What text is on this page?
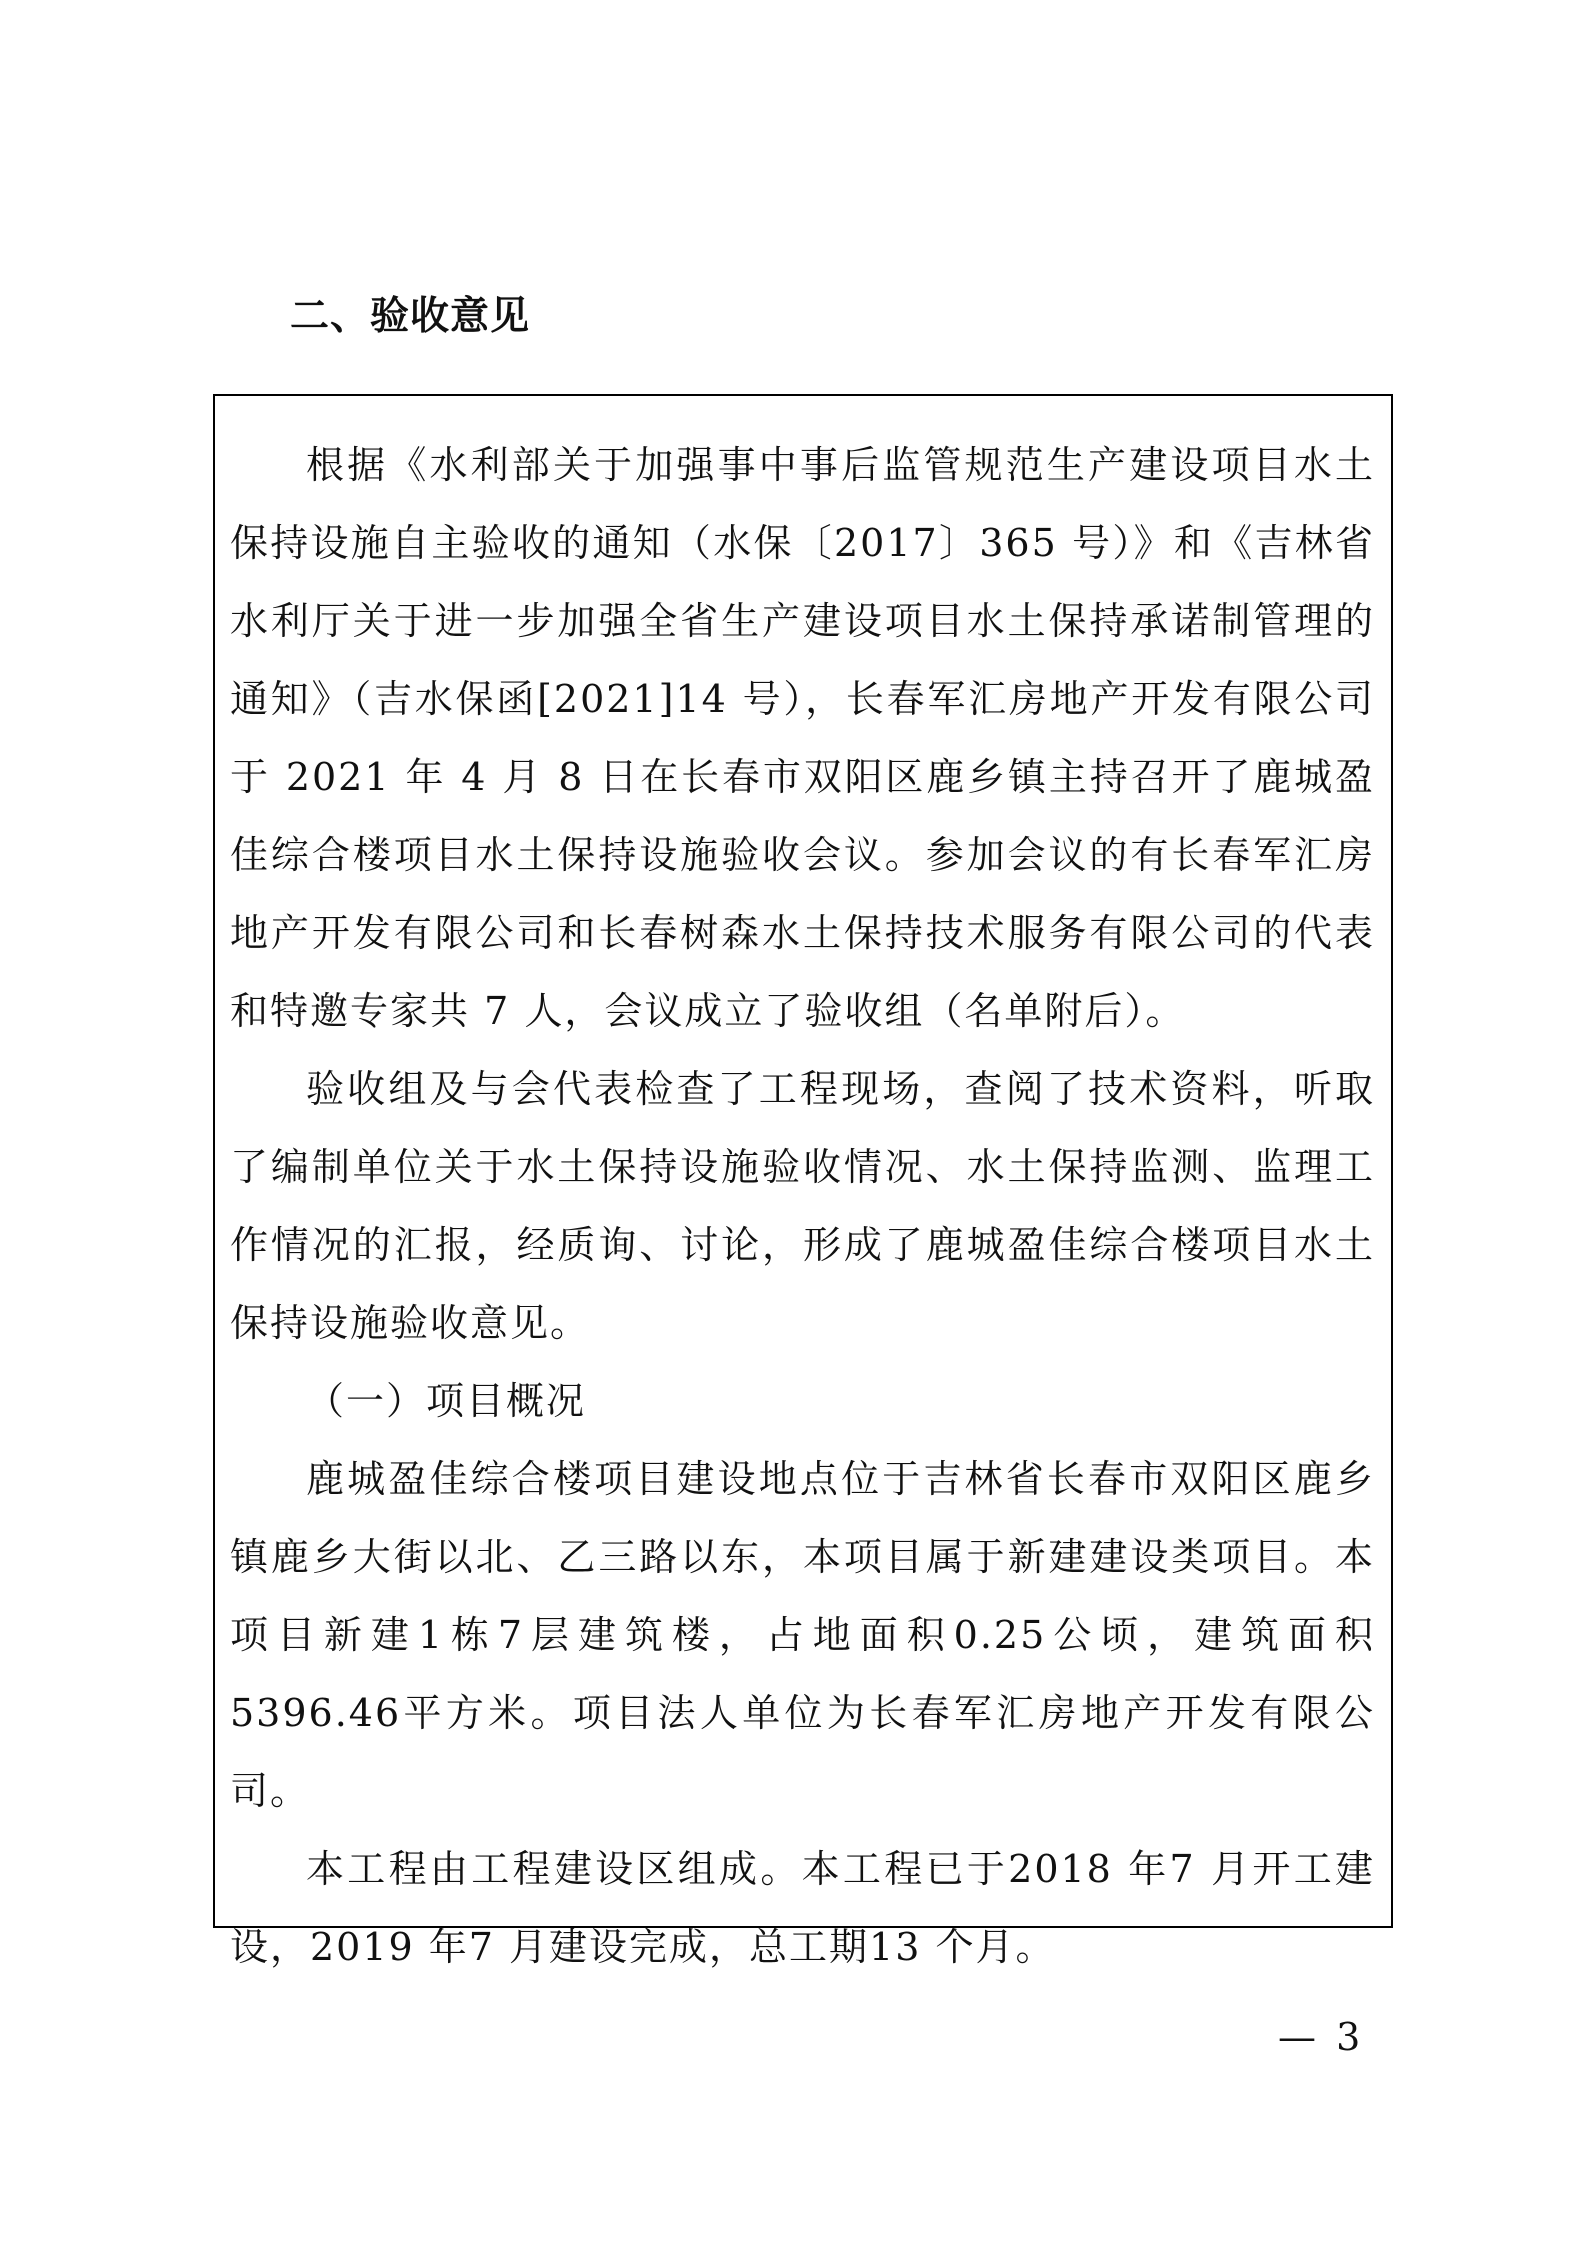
二、验收意见

根据《水利部关于加强事中事后监管规范生产建设项目水土保持设施自主验收的通知（水保〔2017〕365 号）》和《吉林省水利厅关于进一步加强全省生产建设项目水土保持承诺制管理的通知》（吉水保函[2021]14 号），长春军汇房地产开发有限公司于 2021 年 4 月 8 日在长春市双阳区鹿乡镇主持召开了鹿城盈佳综合楼项目水土保持设施验收会议。参加会议的有长春军汇房地产开发有限公司和长春树森水土保持技术服务有限公司的代表和特邀专家共 7 人，会议成立了验收组（名单附后）。

验收组及与会代表检查了工程现场，查阅了技术资料，听取了编制单位关于水土保持设施验收情况、水土保持监测、监理工作情况的汇报，经质询、讨论，形成了鹿城盈佳综合楼项目水土保持设施验收意见。

（一）项目概况

鹿城盈佳综合楼项目建设地点位于吉林省长春市双阳区鹿乡镇鹿乡大街以北、乙三路以东，本项目属于新建建设类项目。本项目新建1栋7层建筑楼，占地面积0.25公顷，建筑面积5396.46平方米。项目法人单位为长春军汇房地产开发有限公司。

本工程由工程建设区组成。本工程已于2018 年7 月开工建设，2019 年7 月建设完成，总工期13 个月。

— 3
